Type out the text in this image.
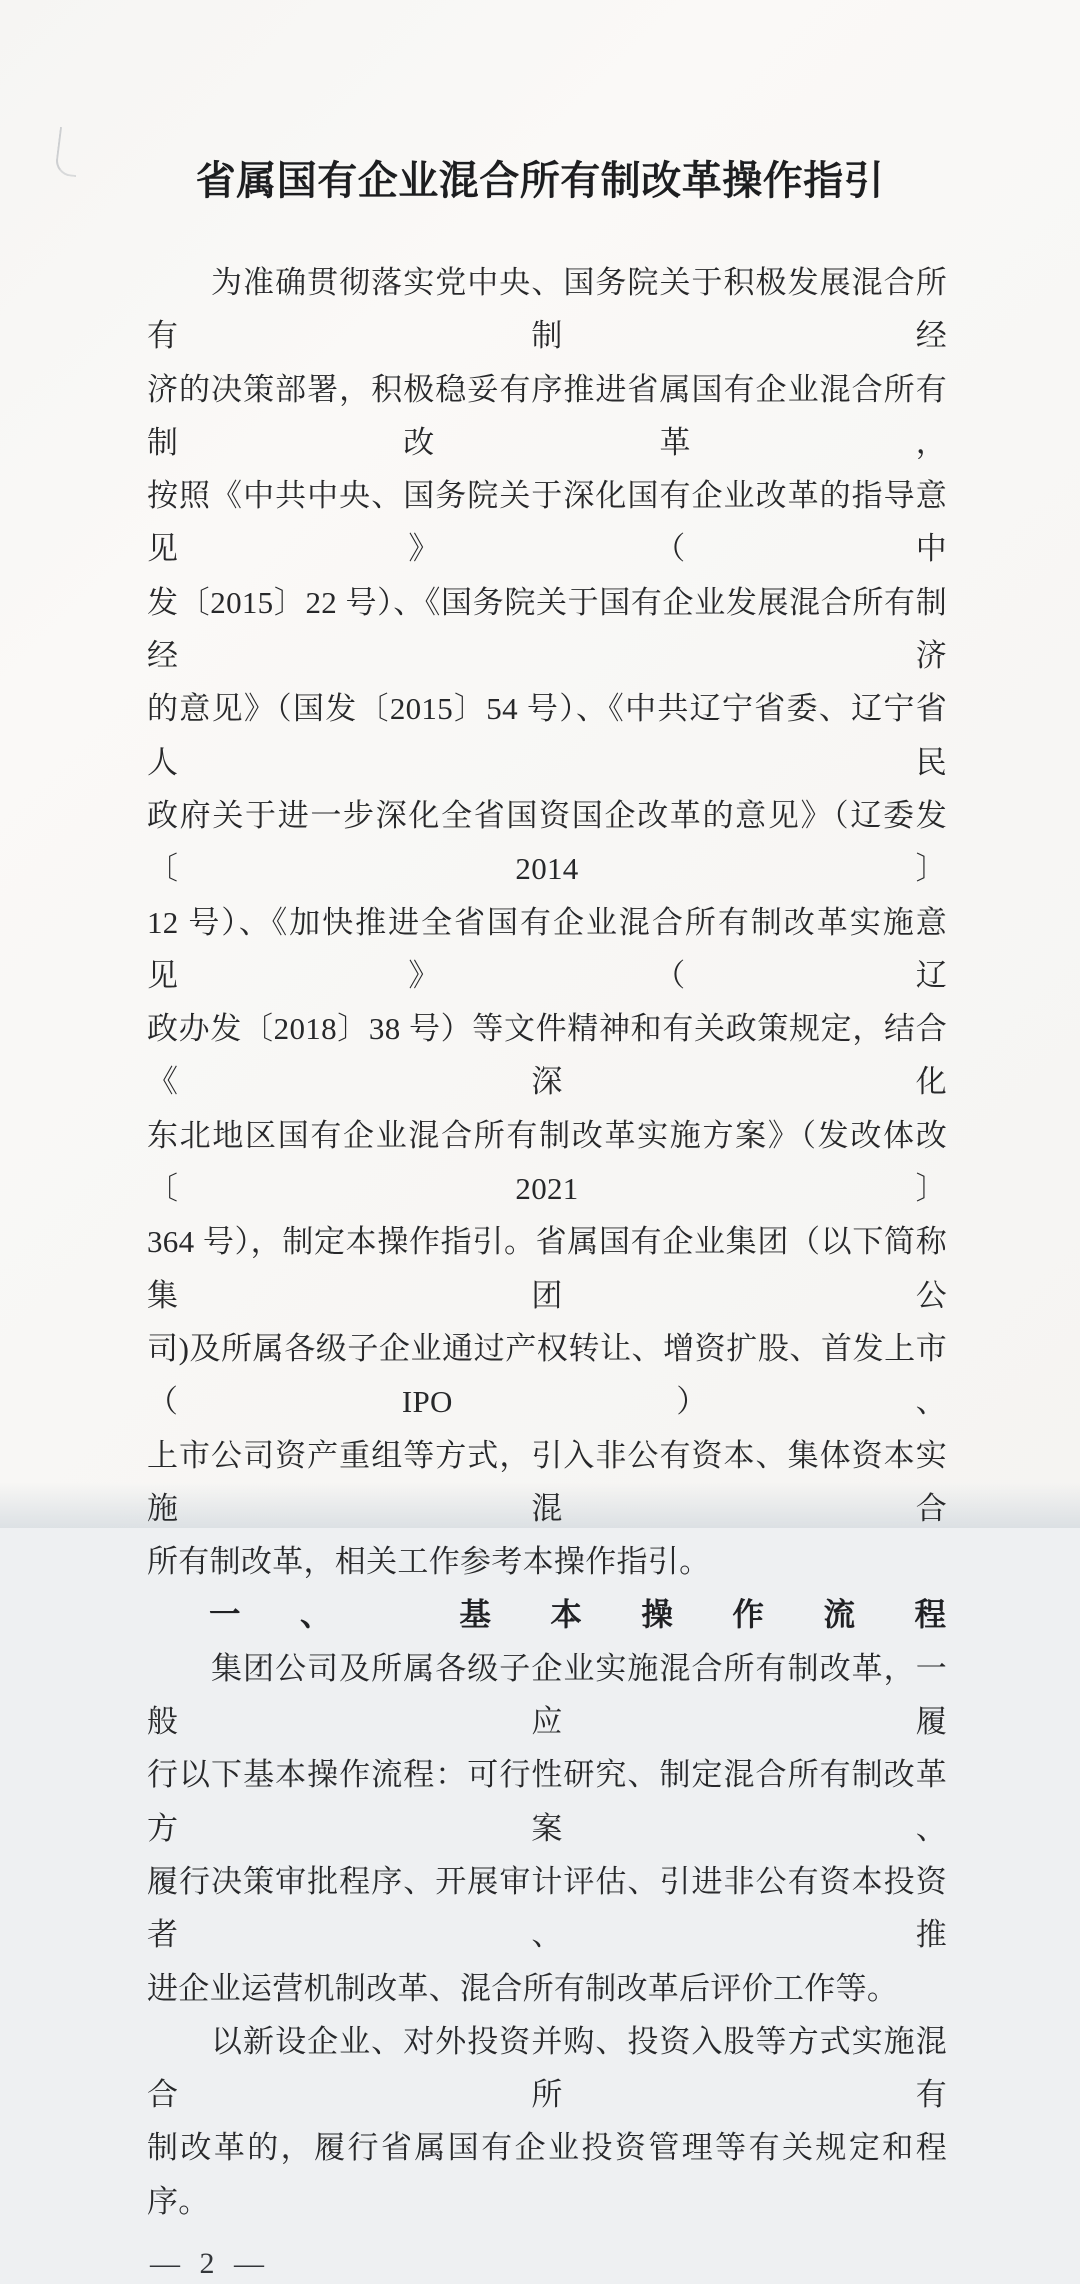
省属国有企业混合所有制改革操作指引
为准确贯彻落实党中央、国务院关于积极发展混合所有制经
济的决策部署，积极稳妥有序推进省属国有企业混合所有制改革，
按照《中共中央、国务院关于深化国有企业改革的指导意见》（中
发〔2015〕22 号）、《国务院关于国有企业发展混合所有制经济
的意见》（国发〔2015〕54 号）、《中共辽宁省委、辽宁省人民
政府关于进一步深化全省国资国企改革的意见》（辽委发〔2014〕
12 号）、《加快推进全省国有企业混合所有制改革实施意见》（辽
政办发〔2018〕38 号）等文件精神和有关政策规定，结合《深化
东北地区国有企业混合所有制改革实施方案》（发改体改〔2021〕
364 号），制定本操作指引。省属国有企业集团（以下简称集团公
司)及所属各级子企业通过产权转让、增资扩股、首发上市（IPO）、
上市公司资产重组等方式，引入非公有资本、集体资本实施混合
所有制改革，相关工作参考本操作指引。
一、 基本操作流程
集团公司及所属各级子企业实施混合所有制改革，一般应履
行以下基本操作流程：可行性研究、制定混合所有制改革方案、
履行决策审批程序、开展审计评估、引进非公有资本投资者、推
进企业运营机制改革、混合所有制改革后评价工作等。
以新设企业、对外投资并购、投资入股等方式实施混合所有
制改革的，履行省属国有企业投资管理等有关规定和程序。
— 2 —
